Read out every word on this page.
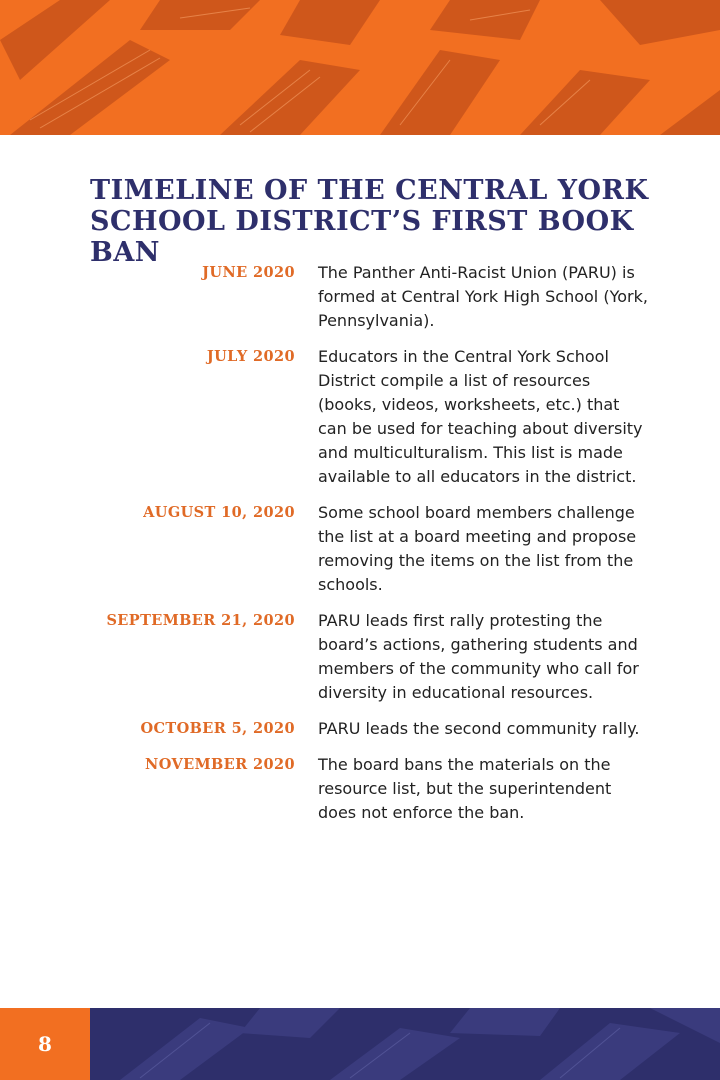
TIMELINE OF THE CENTRAL YORK SCHOOL DISTRICT’S FIRST BOOK BAN
JUNE 2020 The Panther Anti-Racist Union (PARU) is formed at Central York High School (York, Pennsylvania).
JULY 2020 Educators in the Central York School District compile a list of resources (books, videos, worksheets, etc.) that can be used for teaching about diversity and multiculturalism. This list is made available to all educators in the district.
AUGUST 10, 2020 Some school board members challenge the list at a board meeting and propose removing the items on the list from the schools.
SEPTEMBER 21, 2020 PARU leads first rally protesting the board’s actions, gathering students and members of the community who call for diversity in educational resources.
OCTOBER 5, 2020 PARU leads the second community rally.
NOVEMBER 2020 The board bans the materials on the resource list, but the superintendent does not enforce the ban.
8
